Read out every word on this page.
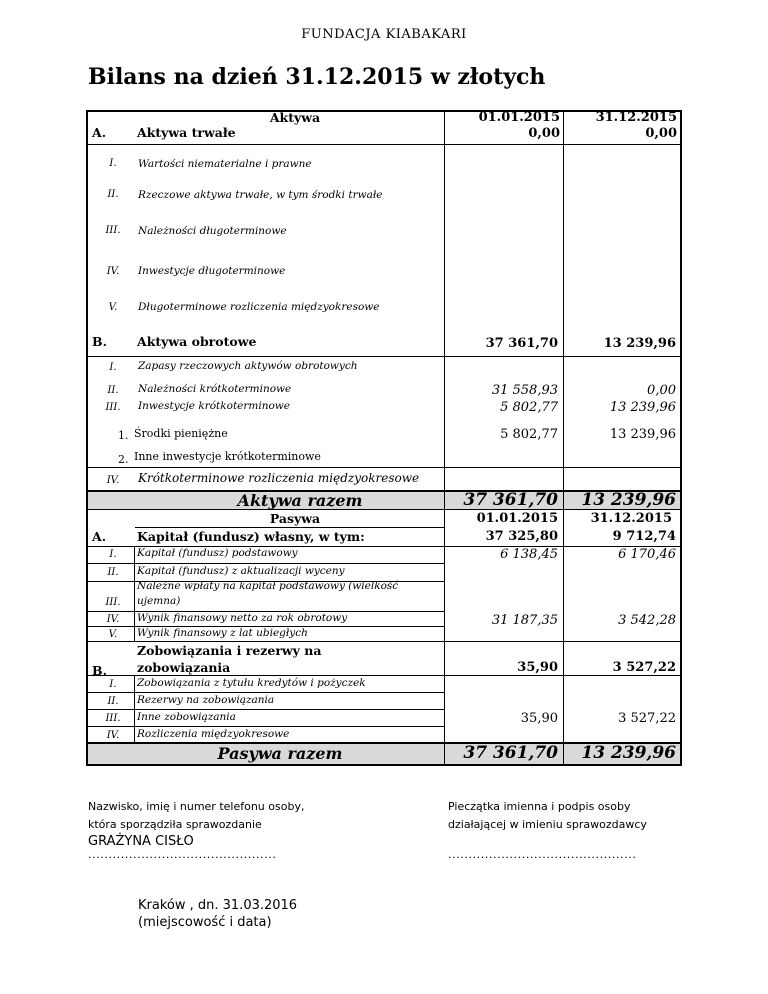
FUNDACJA KIABAKARI
Bilans na dzień 31.12.2015 w złotych
Aktywa
A. Aktywa trwałe
01.01.2015	31.12.2015
0,00	0,00
I.	Wartości niematerialne i prawne
II.	Rzeczowe aktywa trwałe, w tym środki trwałe
III.	Należności długoterminowe
IV.	Inwestycje długoterminowe
V.	Długoterminowe rozliczenia międzyokresowe
B. Aktywa obrotowe	37 361,70	13 239,96
I.	Zapasy rzeczowych aktywów obrotowych
II.	Należności krótkoterminowe	31 558,93	0,00
III.	Inwestycje krótkoterminowe	5 802,77	13 239,96
1. Środki pieniężne	5 802,77	13 239,96
2. Inne inwestycje krótkoterminowe
IV.	Krótkoterminowe rozliczenia międzyokresowe
Aktywa razem	37 361,70	13 239,96
Pasywa
A. Kapitał (fundusz) własny, w tym:
01.01.2015	31.12.2015
37 325,80	9 712,74
I.	Kapitał (fundusz) podstawowy	6 138,45	6 170,46
II.	Kapitał (fundusz) z aktualizacji wyceny
III.
Należne wpłaty na kapitał podstawowy (wielkość
ujemna)
IV.	Wynik finansowy netto za rok obrotowy	31 187,35	3 542,28
V.	Wynik finansowy z lat ubiegłych
B.
Zobowiązania i rezerwy na
zobowiązania	35,90	3 527,22
I.	Zobowiązania z tytułu kredytów i pożyczek
II.	Rezerwy na zobowiązania
III.	Inne zobowiązania	35,90	3 527,22
IV.	Rozliczenia międzyokresowe
Pasywa razem	37 361,70	13 239,96
Nazwisko, imię i numer telefonu osoby,
która sporządziła sprawozdanie
GRAŻYNA CISŁO
..............................................
Pieczątka imienna i podpis osoby
działającej w imieniu sprawozdawcy
..............................................
Kraków , dn. 31.03.2016
(miejscowość i data)
